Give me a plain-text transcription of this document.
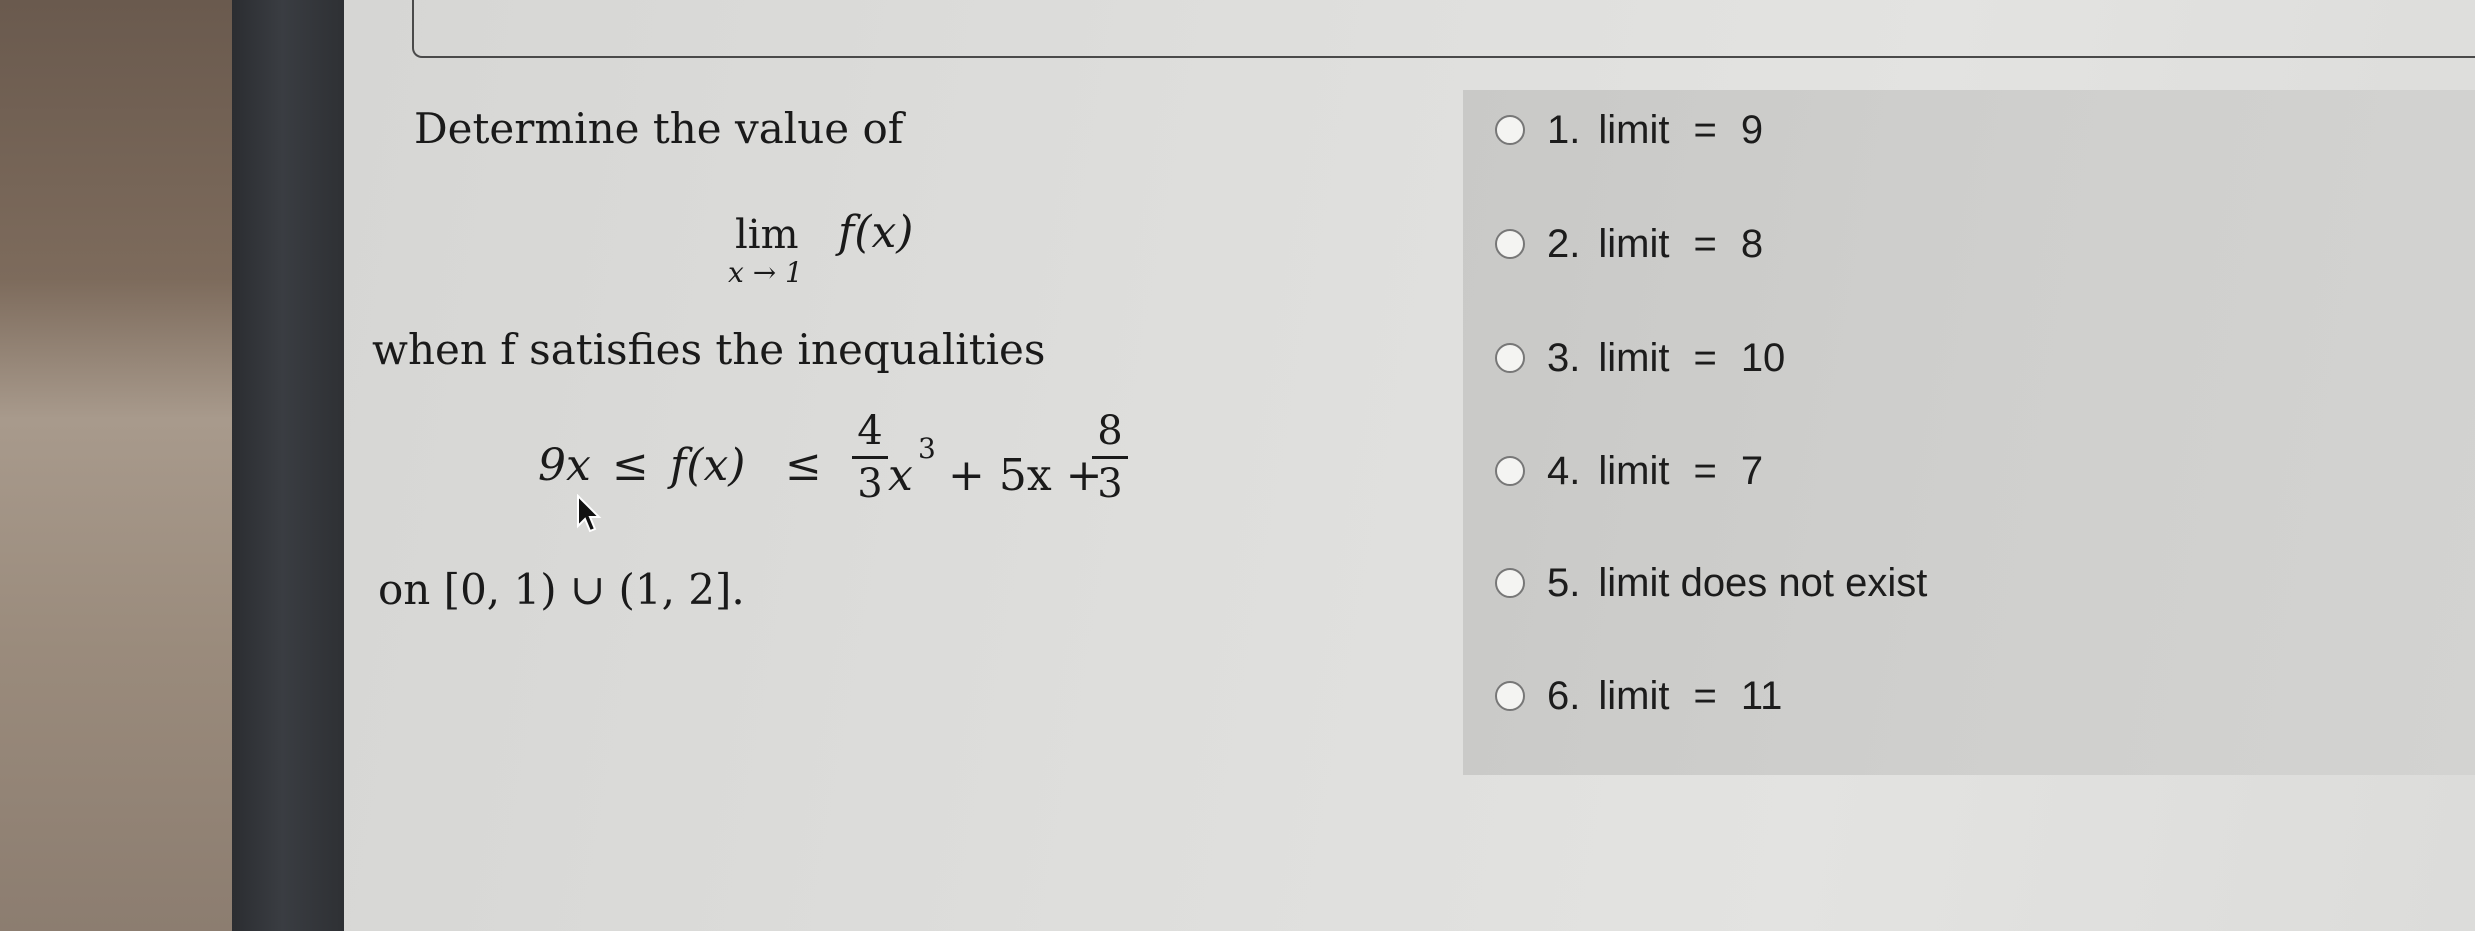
Determine the value of
lim
x → 1
f(x)
when f satisfies the inequalities
9x ≤ f(x) ≤
4
3 x
3
+ 5x +
8
3
on [0, 1) ∪ (1, 2].
1. limit = 9
2. limit = 8
3. limit = 10
4. limit = 7
5. limit does not exist
6. limit = 11
